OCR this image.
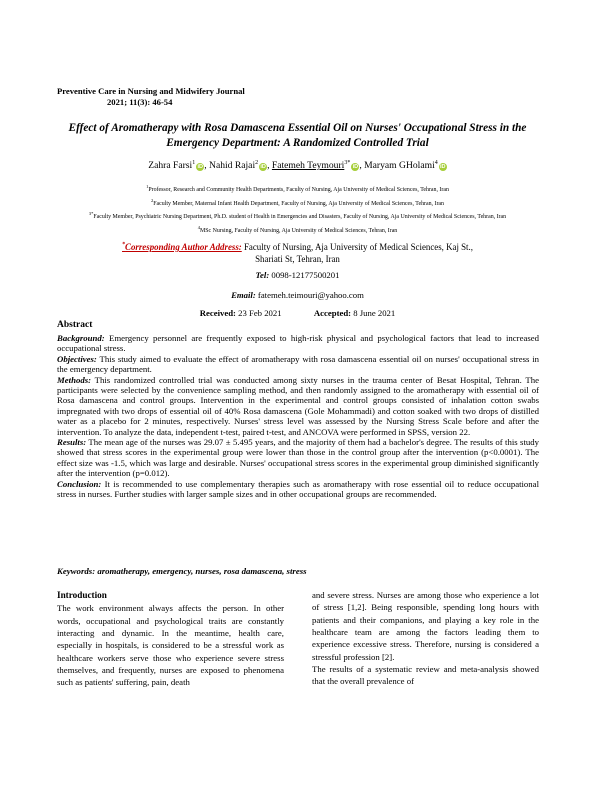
Preventive Care in Nursing and Midwifery Journal
2021; 11(3): 46-54
Effect of Aromatherapy with Rosa Damascena Essential Oil on Nurses' Occupational Stress in the Emergency Department: A Randomized Controlled Trial
Zahra Farsi$^1$iD, Nahid Rajai$^2$iD, Fatemeh Teymouri$^{3*}$iD, Maryam GHolami$^4$iD
$^1$Professor, Research and Community Health Departments, Faculty of Nursing, Aja University of Medical Sciences, Tehran, Iran
$^2$Faculty Member, Maternal Infant Health Department, Faculty of Nursing, Aja University of Medical Sciences, Tehran, Iran
$^{3*}$Faculty Member, Psychiatric Nursing Department, Ph.D. student of Health in Emergencies and Disasters, Faculty of Nursing, Aja University of Medical Sciences, Tehran, Iran
$^4$MSc Nursing, Faculty of Nursing, Aja University of Medical Sciences, Tehran, Iran
*Corresponding Author Address: Faculty of Nursing, Aja University of Medical Sciences, Kaj St.,
Shariati St, Tehran, Iran
Tel: 0098-12177500201
Email: fatemeh.teimouri@yahoo.com
Received: 23 Feb 2021	Accepted: 8 June 2021
Abstract

Background: Emergency personnel are frequently exposed to high-risk physical and psychological factors that lead to increased occupational stress.

Objectives: This study aimed to evaluate the effect of aromatherapy with rosa damascena essential oil on nurses' occupational stress in the emergency department.

Methods: This randomized controlled trial was conducted among sixty nurses in the trauma center of Besat Hospital, Tehran. The participants were selected by the convenience sampling method, and then randomly assigned to the aromatherapy with essential oil of Rosa damascena and control groups. Intervention in the experimental and control groups consisted of inhalation cotton swabs impregnated with two drops of essential oil of 40% Rosa damascena (Gole Mohammadi) and cotton soaked with two drops of distilled water as a placebo for 2 minutes, respectively. Nurses' stress level was assessed by the Nursing Stress Scale before and after the intervention. To analyze the data, independent t-test, paired t-test, and ANCOVA were performed in SPSS, version 22.

Results: The mean age of the nurses was 29.07 ± 5.495 years, and the majority of them had a bachelor's degree. The results of this study showed that stress scores in the experimental group were lower than those in the control group after the intervention (p<0.0001). The effect size was -1.5, which was large and desirable. Nurses' occupational stress scores in the experimental group diminished significantly after the intervention (p=0.012).

Conclusion: It is recommended to use complementary therapies such as aromatherapy with rose essential oil to reduce occupational stress in nurses. Further studies with larger sample sizes and in other occupational groups are recommended.

Keywords: aromatherapy, emergency, nurses, rosa damascena, stress
Introduction

The work environment always affects the person. In other words, occupational and psychological traits are constantly interacting and dynamic. In the meantime, health care, especially in hospitals, is considered to be a stressful work as healthcare workers serve those who experience severe stress themselves, and frequently, nurses are exposed to phenomena such as patients' suffering, pain, death

and severe stress. Nurses are among those who experience a lot of stress [1,2]. Being responsible, spending long hours with patients and their companions, and playing a key role in the healthcare team are among the factors leading them to experience excessive stress. Therefore, nursing is considered a stressful profession [2].

The results of a systematic review and meta-analysis showed that the overall prevalence of
